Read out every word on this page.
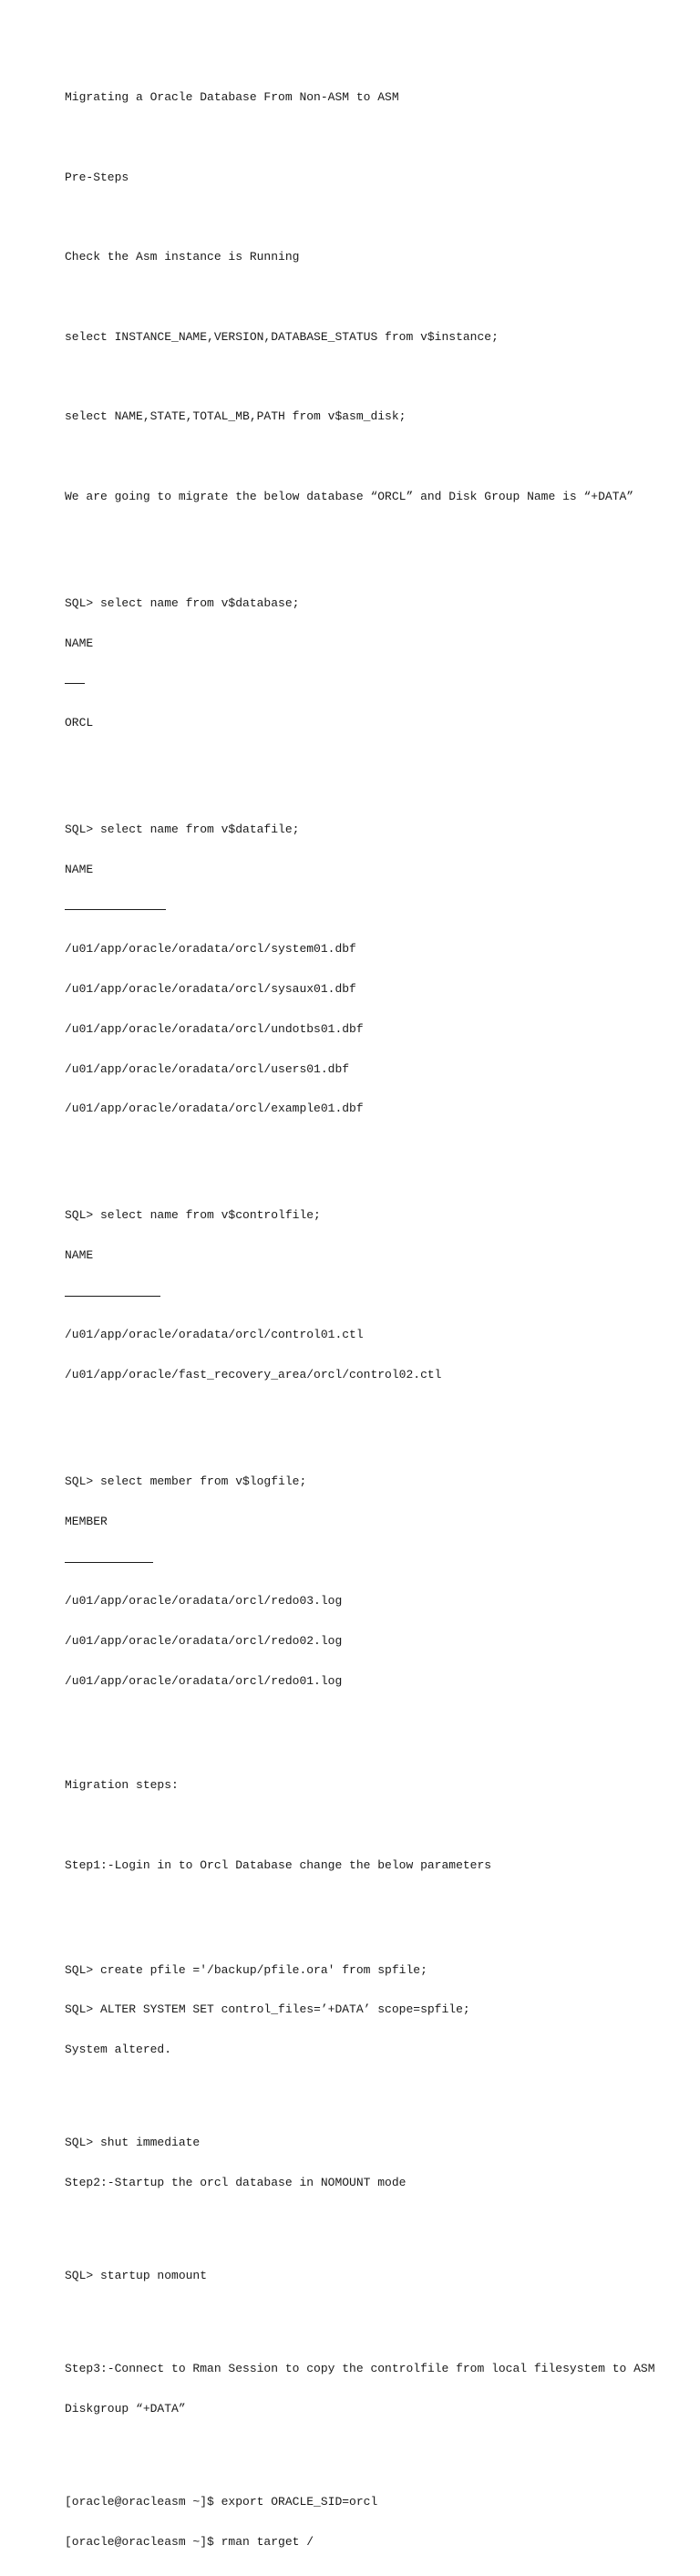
Migrating a Oracle Database From Non-ASM to ASM

Pre-Steps

Check the Asm instance is Running

select INSTANCE_NAME,VERSION,DATABASE_STATUS from v$instance;

select NAME,STATE,TOTAL_MB,PATH from v$asm_disk;

We are going to migrate the below database “ORCL” and Disk Group Name is “+DATA”

SQL> select name from v$database;

NAME

ORCL

SQL> select name from v$datafile;

NAME

/u01/app/oracle/oradata/orcl/system01.dbf

/u01/app/oracle/oradata/orcl/sysaux01.dbf

/u01/app/oracle/oradata/orcl/undotbs01.dbf

/u01/app/oracle/oradata/orcl/users01.dbf

/u01/app/oracle/oradata/orcl/example01.dbf

SQL> select name from v$controlfile;

NAME

/u01/app/oracle/oradata/orcl/control01.ctl

/u01/app/oracle/fast_recovery_area/orcl/control02.ctl

SQL> select member from v$logfile;

MEMBER

/u01/app/oracle/oradata/orcl/redo03.log

/u01/app/oracle/oradata/orcl/redo02.log

/u01/app/oracle/oradata/orcl/redo01.log

Migration steps:

Step1:-Login in to Orcl Database change the below parameters

SQL> create pfile ='/backup/pfile.ora' from spfile;

SQL> ALTER SYSTEM SET control_files=’+DATA’ scope=spfile;

System altered.

SQL> shut immediate

Step2:-Startup the orcl database in NOMOUNT mode

SQL> startup nomount

Step3:-Connect to Rman Session to copy the controlfile from local filesystem to ASM

Diskgroup “+DATA”

[oracle@oracleasm ~]$ export ORACLE_SID=orcl

[oracle@oracleasm ~]$ rman target /
